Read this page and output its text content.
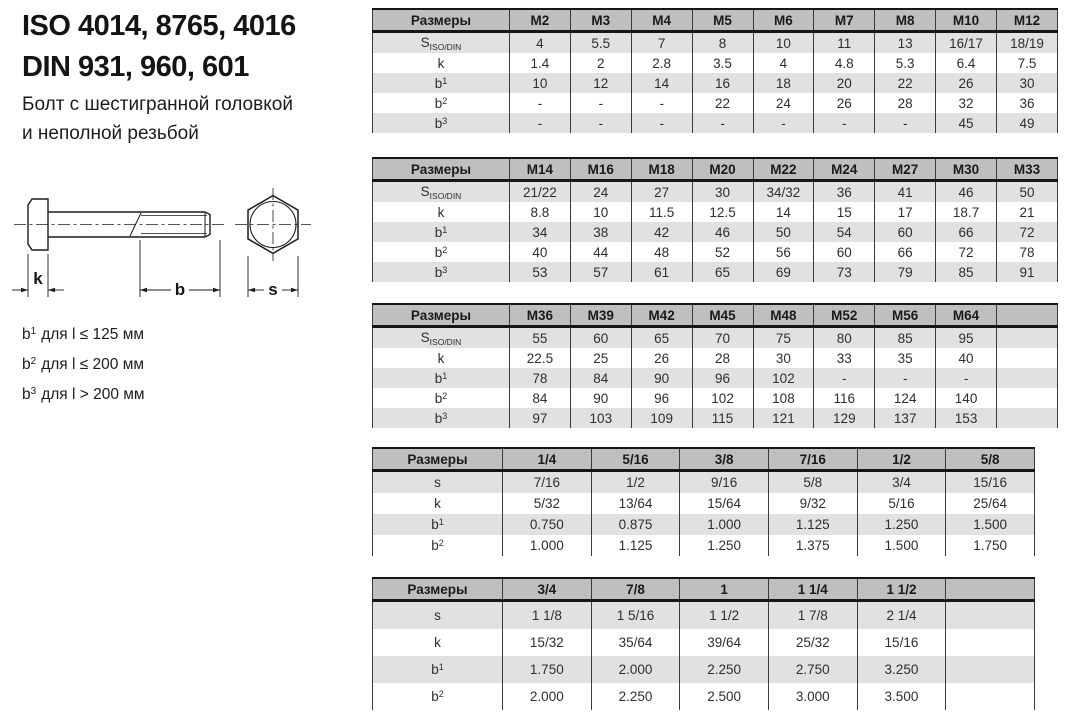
ISO 4014, 8765, 4016
DIN 931, 960, 601
Болт с шестигранной головкой
и неполной резьбой
k
b	s
$b^1$ для l ≤ 125 мм
$b^2$ для l ≤ 200 мм
$b^3$ для l > 200 мм
Размеры	M2	M3	M4	M5	M6	M7	M8	M10	M12
$S_{ISO/DIN}$	4	5.5	7	8	10	11	13	16/17	18/19
k	1.4	2	2.8	3.5	4	4.8	5.3	6.4	7.5
$b^1$	10	12	14	16	18	20	22	26	30
$b^2$	-	-	-	22	24	26	28	32	36
$b^3$	-	-	-	-	-	-	-	45	49
Размеры	M14	M16	M18	M20	M22	M24	M27	M30	M33
$S_{ISO/DIN}$	21/22	24	27	30	34/32	36	41	46	50
k	8.8	10	11.5	12.5	14	15	17	18.7	21
$b^1$	34	38	42	46	50	54	60	66	72
$b^2$	40	44	48	52	56	60	66	72	78
$b^3$	53	57	61	65	69	73	79	85	91
Размеры	M36	M39	M42	M45	M48	M52	M56	M64	
$S_{ISO/DIN}$	55	60	65	70	75	80	85	95	
k	22.5	25	26	28	30	33	35	40	
$b^1$	78	84	90	96	102	-	-	-	
$b^2$	84	90	96	102	108	116	124	140	
$b^3$	97	103	109	115	121	129	137	153	
Размеры	1/4	5/16	3/8	7/16	1/2	5/8
s	7/16	1/2	9/16	5/8	3/4	15/16
k	5/32	13/64	15/64	9/32	5/16	25/64
$b^1$	0.750	0.875	1.000	1.125	1.250	1.500
$b^2$	1.000	1.125	1.250	1.375	1.500	1.750
Размеры	3/4	7/8	1	1 1/4	1 1/2	
s	1 1/8	1 5/16	1 1/2	1 7/8	2 1/4	
k	15/32	35/64	39/64	25/32	15/16	
$b^1$	1.750	2.000	2.250	2.750	3.250	
$b^2$	2.000	2.250	2.500	3.000	3.500	
